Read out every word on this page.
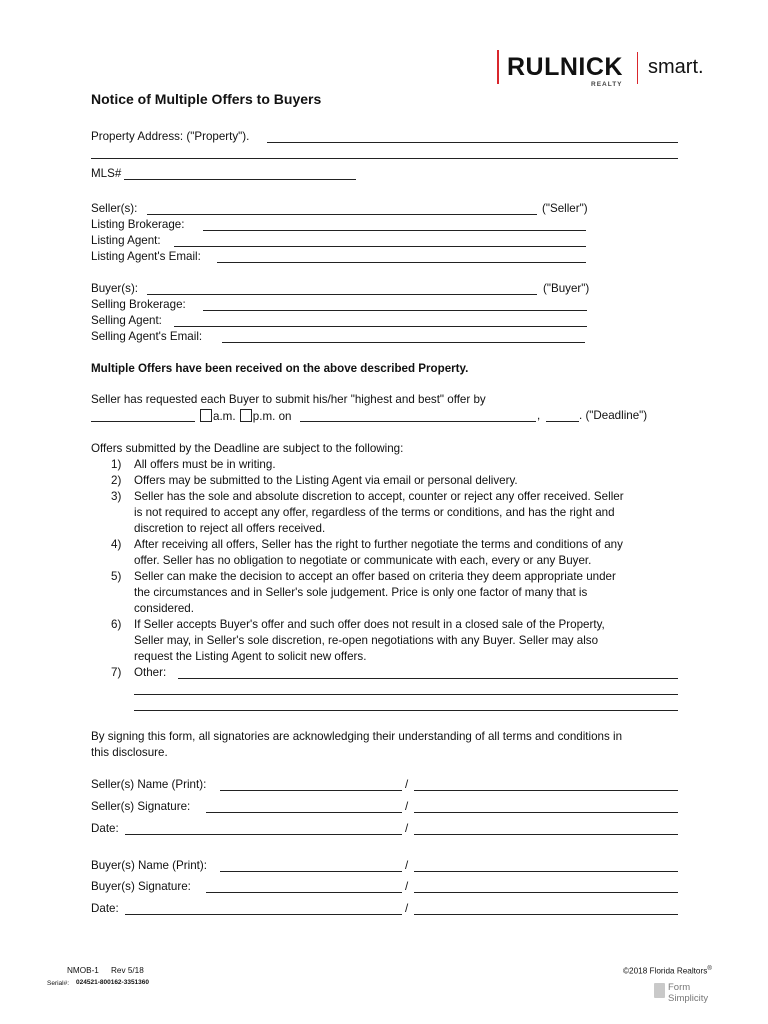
RULNICK
REALTY
smart.
Notice of Multiple Offers to Buyers
Property Address: ("Property").
MLS#
Seller(s):	("Seller")
Listing Brokerage:
Listing Agent:
Listing Agent's Email:
Buyer(s):	("Buyer")
Selling Brokerage:
Selling Agent:
Selling Agent's Email:
Multiple Offers have been received on the above described Property.
Seller has requested each Buyer to submit his/her "highest and best" offer by
a.m. p.m. on	,	. ("Deadline")
Offers submitted by the Deadline are subject to the following:
1) All offers must be in writing.
2) Offers may be submitted to the Listing Agent via email or personal delivery.
3) Seller has the sole and absolute discretion to accept, counter or reject any offer received. Seller
is not required to accept any offer, regardless of the terms or conditions, and has the right and
discretion to reject all offers received.
4) After receiving all offers, Seller has the right to further negotiate the terms and conditions of any
offer. Seller has no obligation to negotiate or communicate with each, every or any Buyer.
5) Seller can make the decision to accept an offer based on criteria they deem appropriate under
the circumstances and in Seller's sole judgement. Price is only one factor of many that is
considered.
6) If Seller accepts Buyer's offer and such offer does not result in a closed sale of the Property,
Seller may, in Seller's sole discretion, re-open negotiations with any Buyer. Seller may also
request the Listing Agent to solicit new offers.
7) Other:
By signing this form, all signatories are acknowledging their understanding of all terms and conditions in
this disclosure.
Seller(s) Name (Print):	/
Seller(s) Signature:	/
Date:	/
Buyer(s) Name (Print):	/
Buyer(s) Signature:	/
Date:	/
NMOB-1 Rev 5/18
Serial#: 024521-800162-3351360
©2018 Florida Realtors®
Form
Simplicity
